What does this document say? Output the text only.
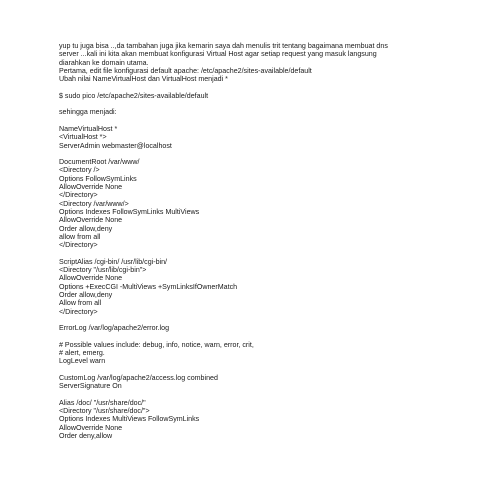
yup tu juga bisa ..,da tambahan juga jika kemarin saya dah menulis trit tentang bagaimana membuat dns
server ...kali ini kita akan membuat konfigurasi Virtual Host agar setiap request yang masuk langsung
diarahkan ke domain utama.
Pertama, edit file konfigurasi default apache: /etc/apache2/sites-available/default
Ubah nilai NameVirtualHost dan VirtualHost menjadi *
$ sudo pico /etc/apache2/sites-available/default
sehingga menjadi:
NameVirtualHost *
<VirtualHost *>
ServerAdmin webmaster@localhost
DocumentRoot /var/www/
<Directory />
Options FollowSymLinks
AllowOverride None
</Directory>
<Directory /var/www/>
Options Indexes FollowSymLinks MultiViews
AllowOverride None
Order allow,deny
allow from all
</Directory>
ScriptAlias /cgi-bin/ /usr/lib/cgi-bin/
<Directory "/usr/lib/cgi-bin">
AllowOverride None
Options +ExecCGI -MultiViews +SymLinksIfOwnerMatch
Order allow,deny
Allow from all
</Directory>
ErrorLog /var/log/apache2/error.log
# Possible values include: debug, info, notice, warn, error, crit,
# alert, emerg.
LogLevel warn
CustomLog /var/log/apache2/access.log combined
ServerSignature On
Alias /doc/ "/usr/share/doc/"
<Directory "/usr/share/doc/">
Options Indexes MultiViews FollowSymLinks
AllowOverride None
Order deny,allow
